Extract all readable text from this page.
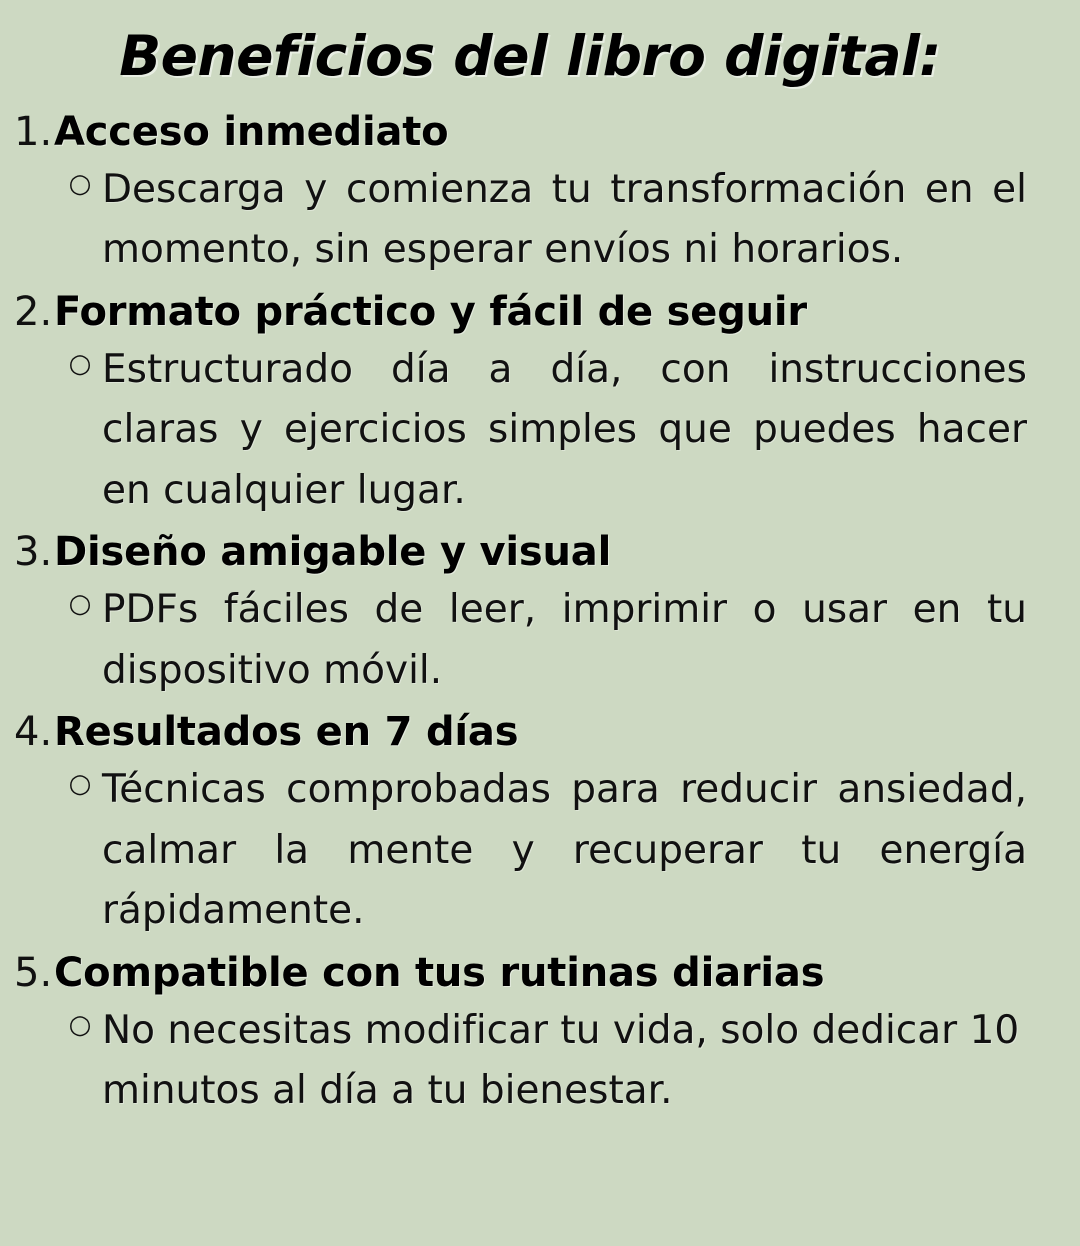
Beneficios del libro digital:
1. Acceso inmediato
○ Descarga y comienza tu transformación en el momento, sin esperar envíos ni horarios.
2. Formato práctico y fácil de seguir
○ Estructurado día a día, con instrucciones claras y ejercicios simples que puedes hacer en cualquier lugar.
3. Diseño amigable y visual
○ PDFs fáciles de leer, imprimir o usar en tu dispositivo móvil.
4. Resultados en 7 días
○ Técnicas comprobadas para reducir ansiedad, calmar la mente y recuperar tu energía rápidamente.
5. Compatible con tus rutinas diarias
○ No necesitas modificar tu vida, solo dedicar 10 minutos al día a tu bienestar.
